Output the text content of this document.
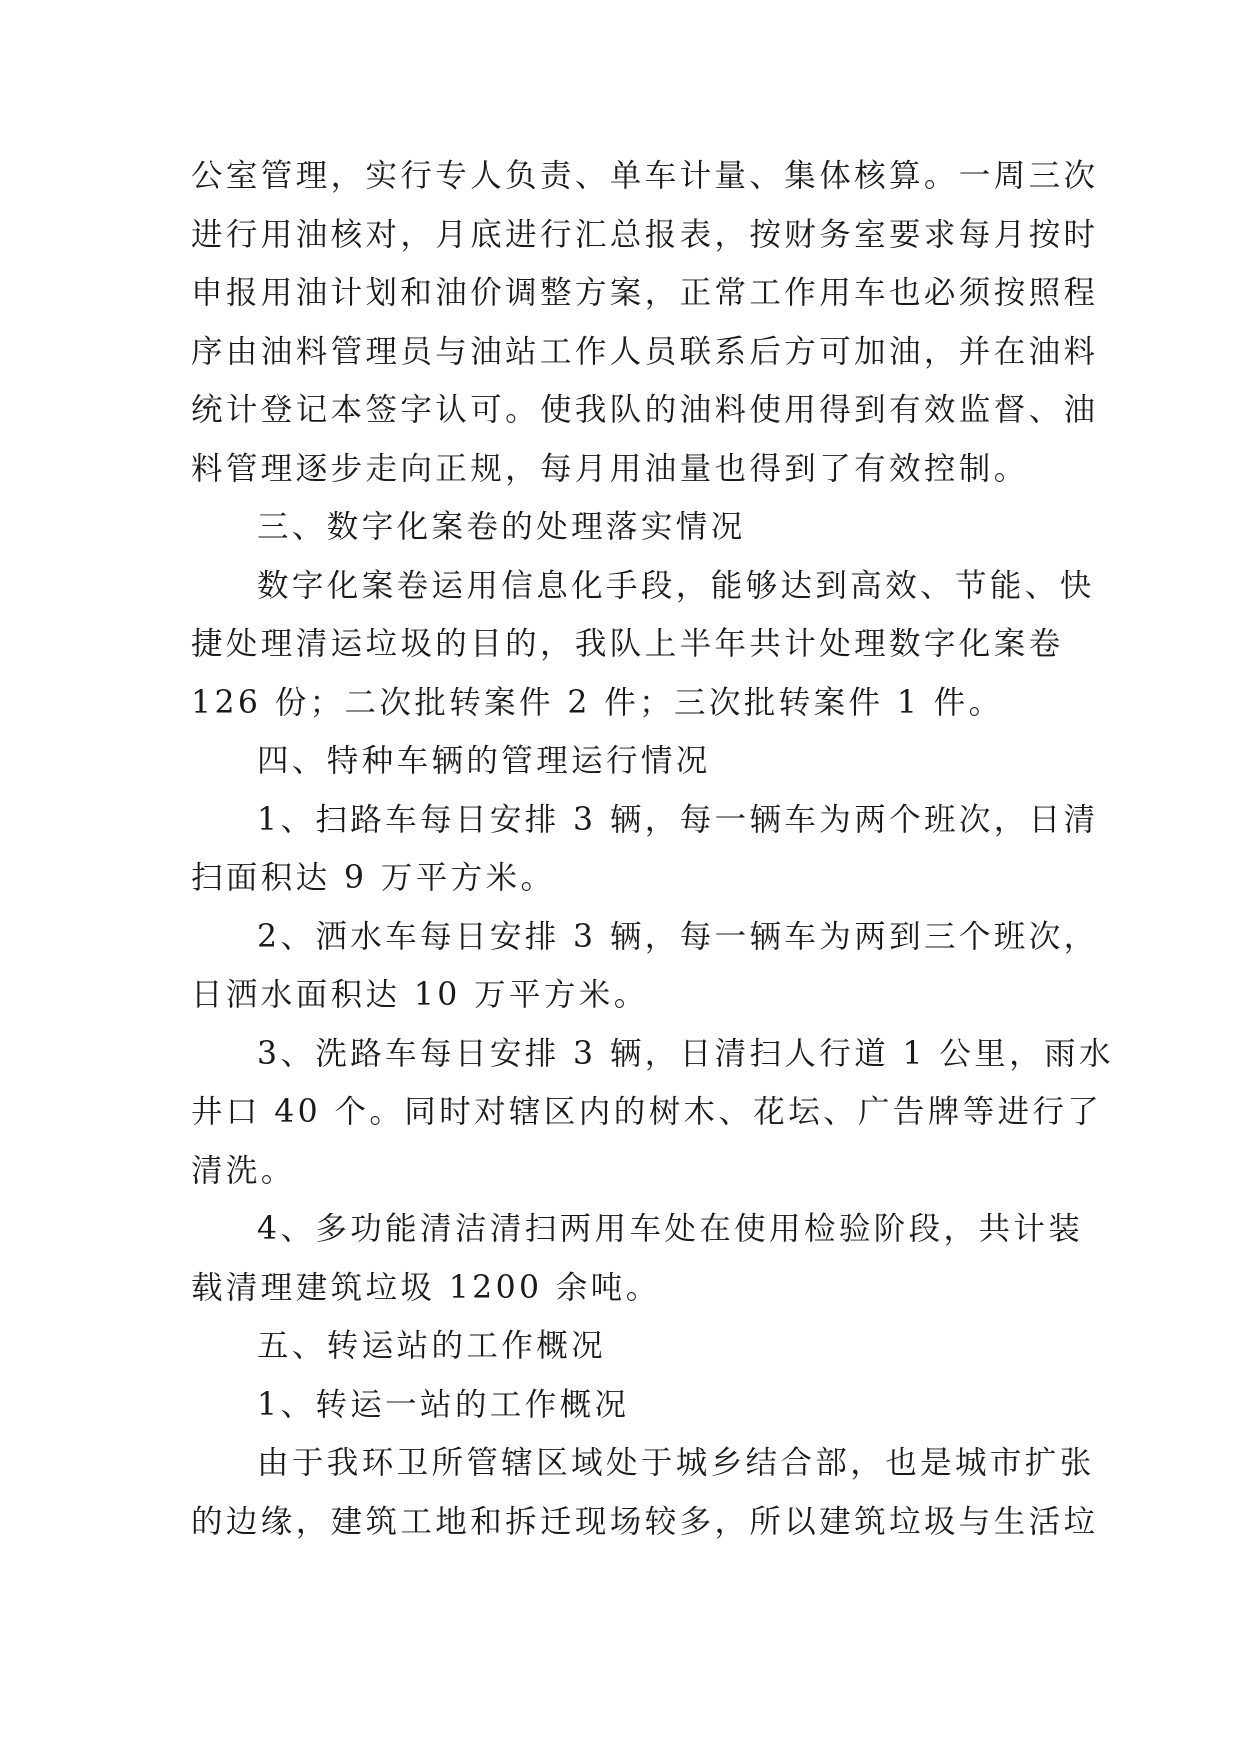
公室管理，实行专人负责、单车计量、集体核算。一周三次
进行用油核对，月底进行汇总报表，按财务室要求每月按时
申报用油计划和油价调整方案，正常工作用车也必须按照程
序由油料管理员与油站工作人员联系后方可加油，并在油料
统计登记本签字认可。使我队的油料使用得到有效监督、油
料管理逐步走向正规，每月用油量也得到了有效控制。
三、数字化案卷的处理落实情况
数字化案卷运用信息化手段，能够达到高效、节能、快
捷处理清运垃圾的目的，我队上半年共计处理数字化案卷
126 份；二次批转案件 2 件；三次批转案件 1 件。
四、特种车辆的管理运行情况
1、扫路车每日安排 3 辆，每一辆车为两个班次，日清
扫面积达 9 万平方米。
2、洒水车每日安排 3 辆，每一辆车为两到三个班次，
日洒水面积达 10 万平方米。
3、洗路车每日安排 3 辆，日清扫人行道 1 公里，雨水
井口 40 个。同时对辖区内的树木、花坛、广告牌等进行了
清洗。
4、多功能清洁清扫两用车处在使用检验阶段，共计装
载清理建筑垃圾 1200 余吨。
五、转运站的工作概况
1、转运一站的工作概况
由于我环卫所管辖区域处于城乡结合部，也是城市扩张
的边缘，建筑工地和拆迁现场较多，所以建筑垃圾与生活垃
